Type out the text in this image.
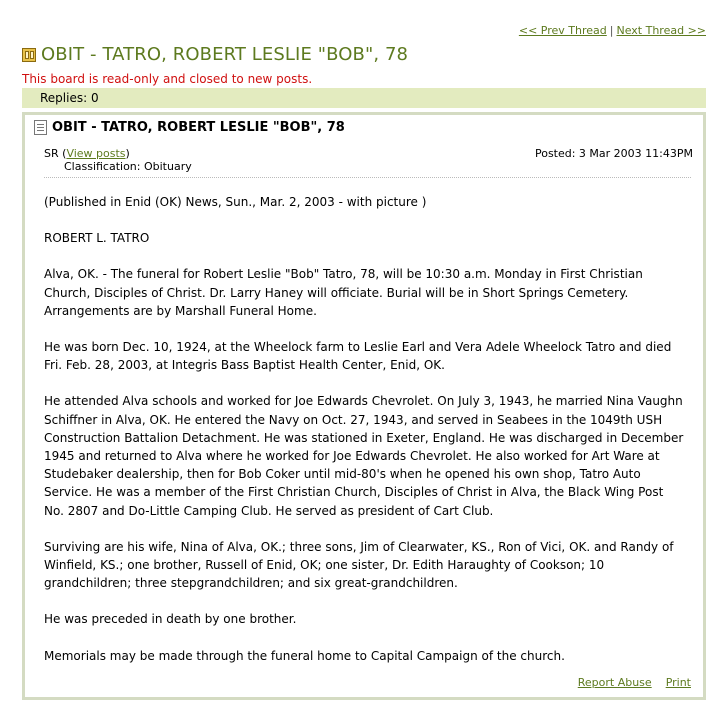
<< Prev Thread | Next Thread >>
OBIT - TATRO, ROBERT LESLIE "BOB", 78
This board is read-only and closed to new posts.
Replies: 0
OBIT - TATRO, ROBERT LESLIE "BOB", 78
SR (View posts)
Classification: Obituary
Posted: 3 Mar 2003 11:43PM

(Published in Enid (OK) News, Sun., Mar. 2, 2003 - with picture )

ROBERT L. TATRO

Alva, OK. - The funeral for Robert Leslie "Bob" Tatro, 78, will be 10:30 a.m. Monday in First Christian Church, Disciples of Christ. Dr. Larry Haney will officiate. Burial will be in Short Springs Cemetery. Arrangements are by Marshall Funeral Home.

He was born Dec. 10, 1924, at the Wheelock farm to Leslie Earl and Vera Adele Wheelock Tatro and died Fri. Feb. 28, 2003, at Integris Bass Baptist Health Center, Enid, OK.

He attended Alva schools and worked for Joe Edwards Chevrolet. On July 3, 1943, he married Nina Vaughn Schiffner in Alva, OK. He entered the Navy on Oct. 27, 1943, and served in Seabees in the 1049th USH Construction Battalion Detachment. He was stationed in Exeter, England. He was discharged in December 1945 and returned to Alva where he worked for Joe Edwards Chevrolet. He also worked for Art Ware at Studebaker dealership, then for Bob Coker until mid-80's when he opened his own shop, Tatro Auto Service. He was a member of the First Christian Church, Disciples of Christ in Alva, the Black Wing Post No. 2807 and Do-Little Camping Club. He served as president of Cart Club.

Surviving are his wife, Nina of Alva, OK.; three sons, Jim of Clearwater, KS., Ron of Vici, OK. and Randy of Winfield, KS.; one brother, Russell of Enid, OK; one sister, Dr. Edith Haraughty of Cookson; 10 grandchildren; three stepgrandchildren; and six great-grandchildren.

He was preceded in death by one brother.

Memorials may be made through the funeral home to Capital Campaign of the church.

Report Abuse Print
